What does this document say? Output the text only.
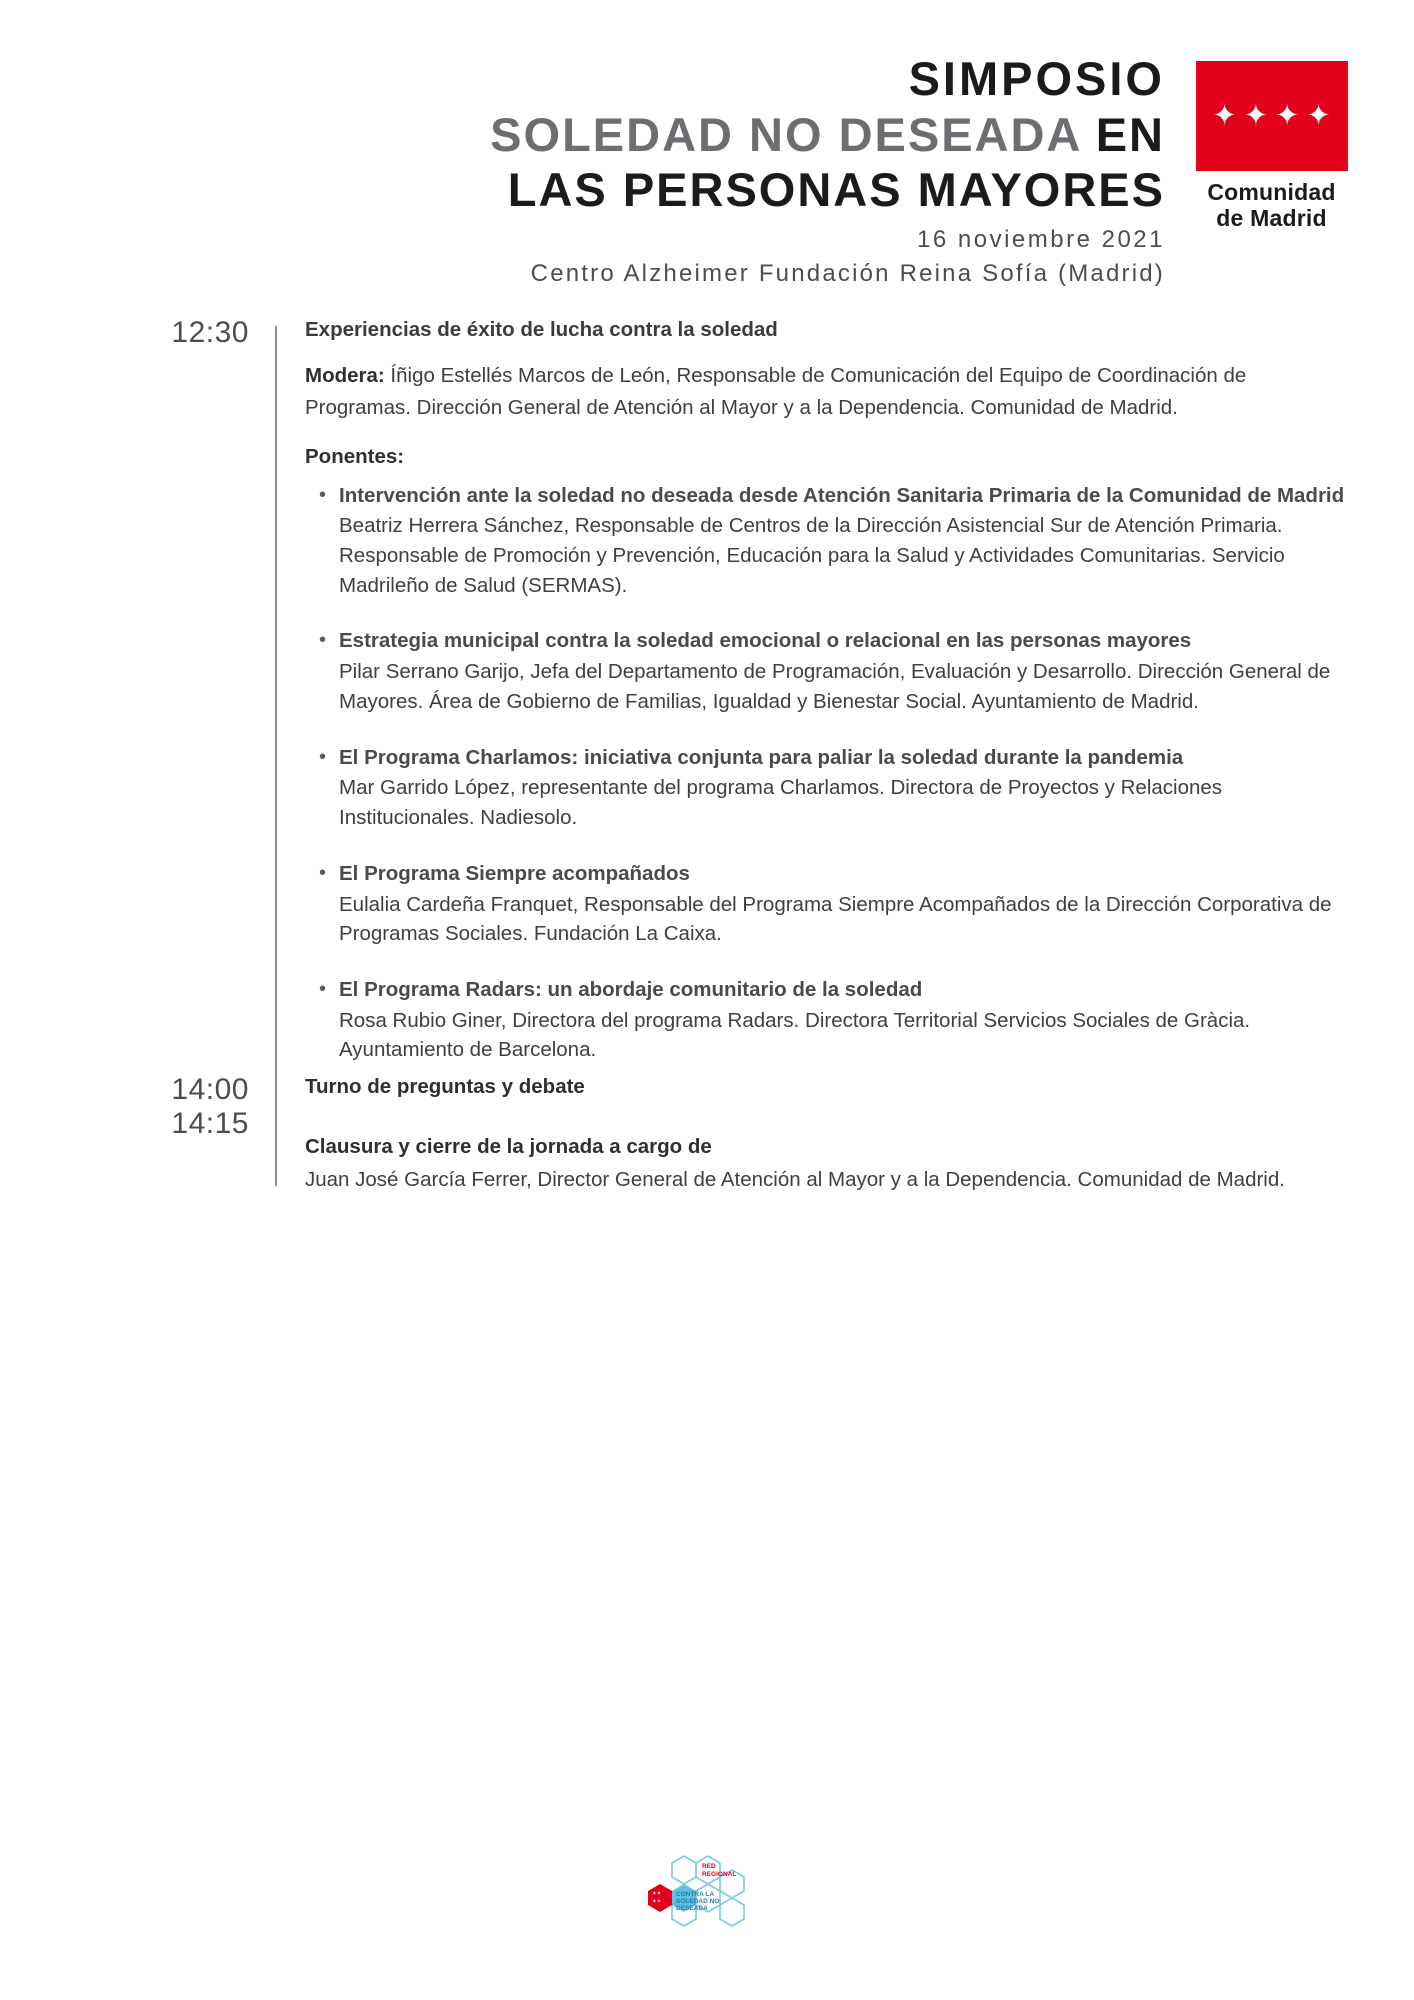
SIMPOSIO
SOLEDAD NO DESEADA EN
LAS PERSONAS MAYORES
16 noviembre 2021
Centro Alzheimer Fundación Reina Sofía (Madrid)
✦ ✦ ✦ ✦
Comunidad
de Madrid
12:30	Experiencias de éxito de lucha contra la soledad
Modera: Íñigo Estellés Marcos de León, Responsable de Comunicación del Equipo de Coordinación de Programas. Dirección General de Atención al Mayor y a la Dependencia. Comunidad de Madrid.
Ponentes:
• Intervención ante la soledad no deseada desde Atención Sanitaria Primaria de la Comunidad de Madrid
Beatriz Herrera Sánchez, Responsable de Centros de la Dirección Asistencial Sur de Atención Primaria. Responsable de Promoción y Prevención, Educación para la Salud y Actividades Comunitarias. Servicio Madrileño de Salud (SERMAS).
• Estrategia municipal contra la soledad emocional o relacional en las personas mayores
Pilar Serrano Garijo, Jefa del Departamento de Programación, Evaluación y Desarrollo. Dirección General de Mayores. Área de Gobierno de Familias, Igualdad y Bienestar Social. Ayuntamiento de Madrid.
• El Programa Charlamos: iniciativa conjunta para paliar la soledad durante la pandemia
Mar Garrido López, representante del programa Charlamos. Directora de Proyectos y Relaciones Institucionales. Nadiesolo.
• El Programa Siempre acompañados
Eulalia Cardeña Franquet, Responsable del Programa Siempre Acompañados de la Dirección Corporativa de Programas Sociales. Fundación La Caixa.
• El Programa Radars: un abordaje comunitario de la soledad
Rosa Rubio Giner, Directora del programa Radars. Directora Territorial Servicios Sociales de Gràcia. Ayuntamiento de Barcelona.
14:00	Turno de preguntas y debate
14:15
Clausura y cierre de la jornada a cargo de
Juan José García Ferrer, Director General de Atención al Mayor y a la Dependencia. Comunidad de Madrid.
✦✦
✦✦
RED
REGIONAL
CONTRA LA
SOLEDAD NO
DESEADA
